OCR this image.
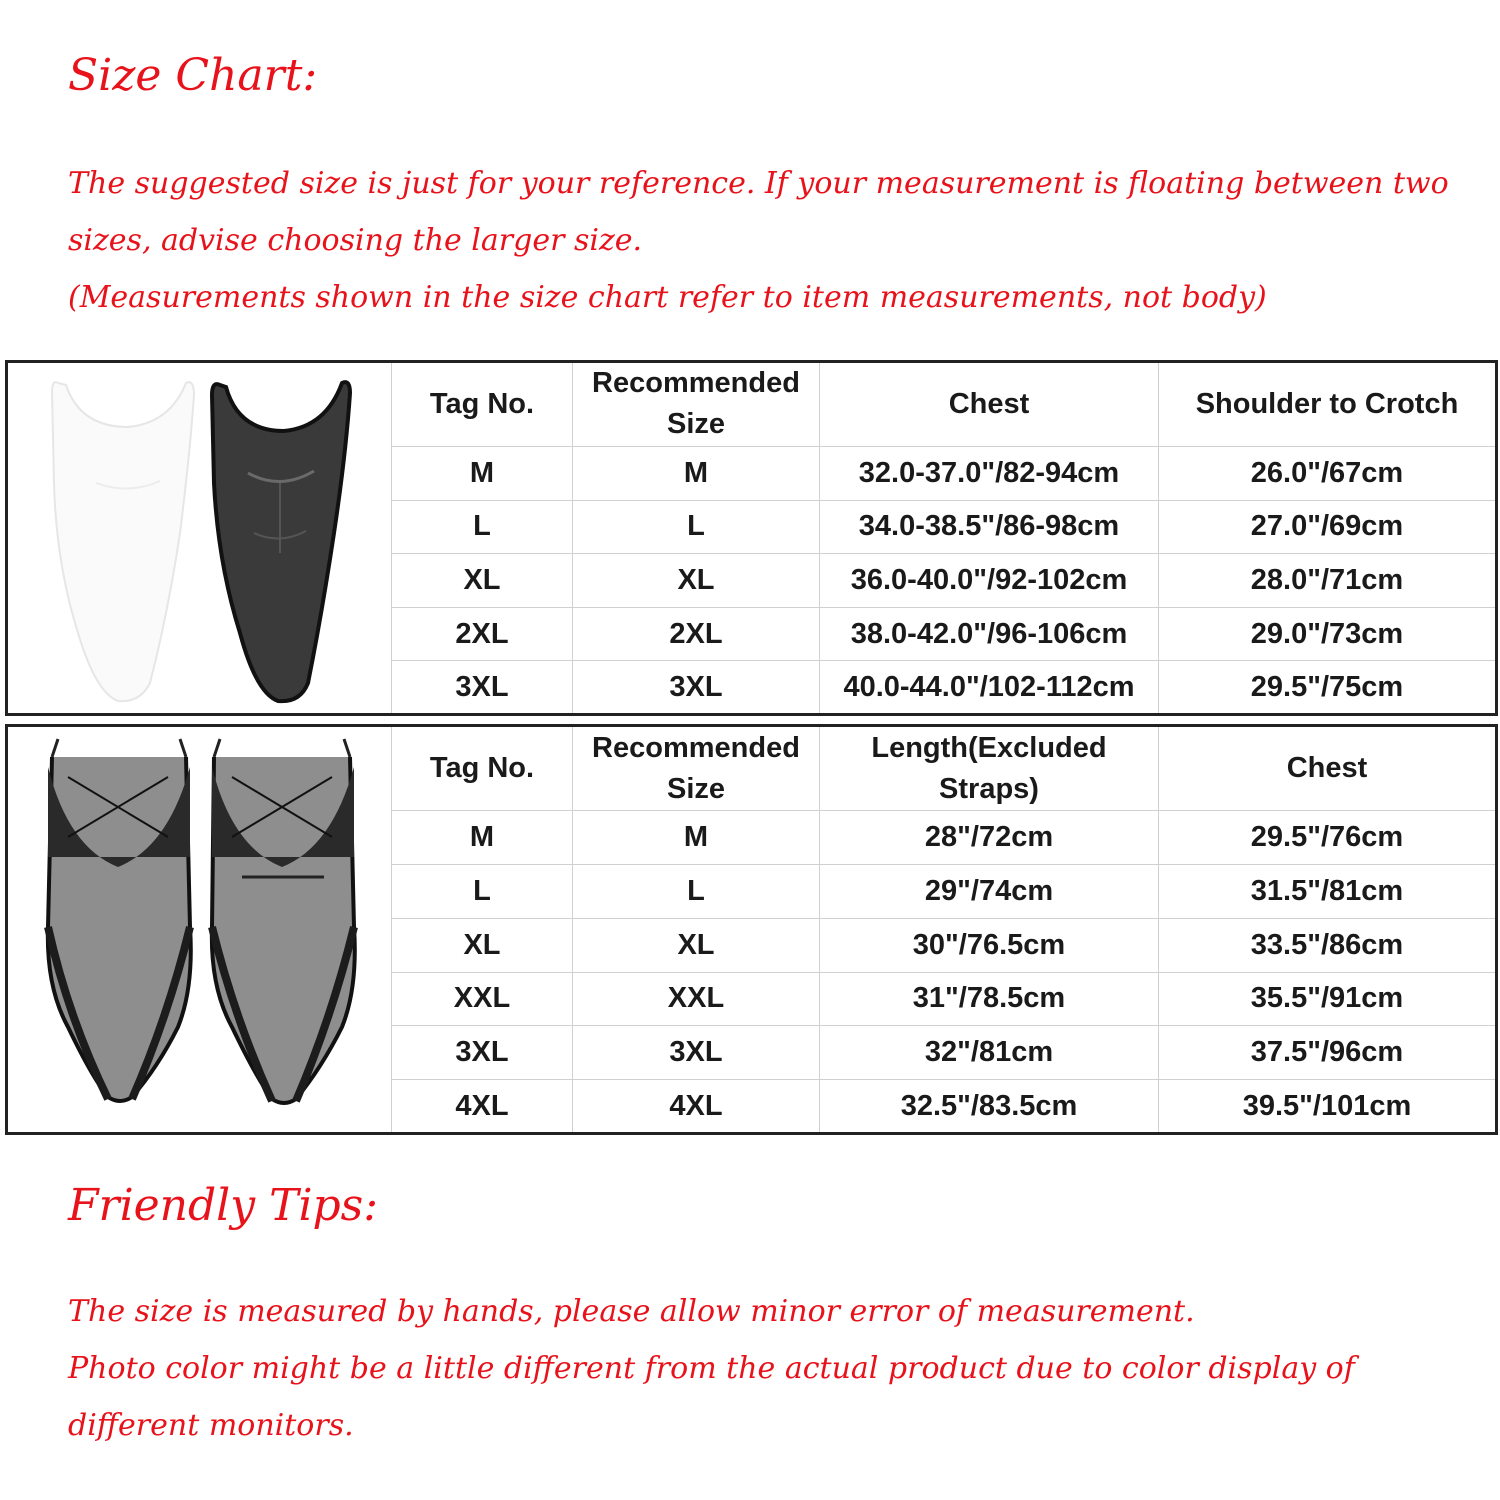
Size Chart:
The suggested size is just for your reference. If your measurement is floating between two
sizes, advise choosing the larger size.
(Measurements shown in the size chart refer to item measurements, not body)
	Tag No.	Recommended Size	Chest	Shoulder to Crotch
	M	M	32.0-37.0"/82-94cm	26.0"/67cm
	L	L	34.0-38.5"/86-98cm	27.0"/69cm
	XL	XL	36.0-40.0"/92-102cm	28.0"/71cm
	2XL	2XL	38.0-42.0"/96-106cm	29.0"/73cm
	3XL	3XL	40.0-44.0"/102-112cm	29.5"/75cm
	Tag No.	Recommended Size	Length(Excluded Straps)	Chest
	M	M	28"/72cm	29.5"/76cm
	L	L	29"/74cm	31.5"/81cm
	XL	XL	30"/76.5cm	33.5"/86cm
	XXL	XXL	31"/78.5cm	35.5"/91cm
	3XL	3XL	32"/81cm	37.5"/96cm
	4XL	4XL	32.5"/83.5cm	39.5"/101cm
Friendly Tips:
The size is measured by hands, please allow minor error of measurement.
Photo color might be a little different from the actual product due to color display of
different monitors.
